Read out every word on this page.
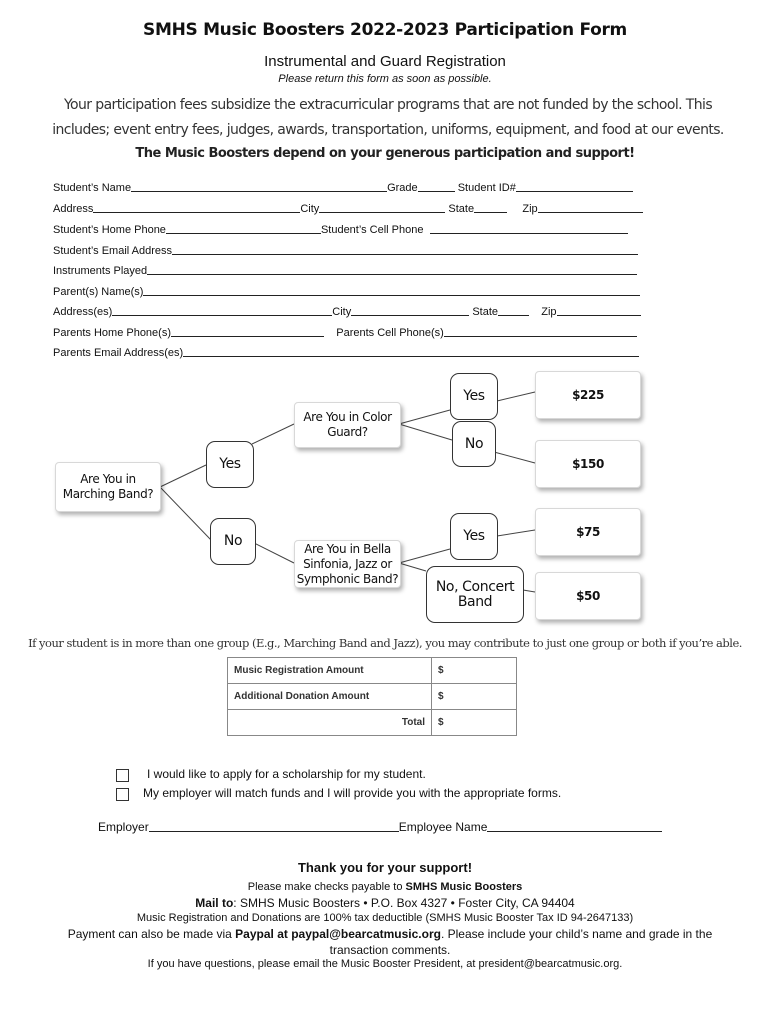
SMHS Music Boosters 2022-2023 Participation Form
Instrumental and Guard Registration
Please return this form as soon as possible.
Your participation fees subsidize the extracurricular programs that are not funded by the school. This includes; event entry fees, judges, awards, transportation, uniforms, equipment, and food at our events.
The Music Boosters depend on your generous participation and support!
Student’s Name	Grade	Student ID#
Address	City	State	Zip
Student’s Home Phone	Student’s Cell Phone
Student’s Email Address
Instruments Played
Parent(s) Name(s)
Address(es)	City	State	Zip
Parents Home Phone(s)	Parents Cell Phone(s)
Parents Email Address(es)
Are You in Marching Band?
Yes
No
Are You in Color Guard?
Yes
No
Are You in Bella Sinfonia, Jazz or Symphonic Band?
Yes
No, Concert Band
$225
$150
$75
$50
If your student is in more than one group (E.g., Marching Band and Jazz), you may contribute to just one group or both if you’re able.
Music Registration Amount	$
Additional Donation Amount	$
Total	$
I would like to apply for a scholarship for my student.
My employer will match funds and I will provide you with the appropriate forms.
Employer	Employee Name
Thank you for your support!
Please make checks payable to SMHS Music Boosters
Mail to: SMHS Music Boosters • P.O. Box 4327 • Foster City, CA 94404
Music Registration and Donations are 100% tax deductible (SMHS Music Booster Tax ID 94-2647133)
Payment can also be made via Paypal at paypal@bearcatmusic.org. Please include your child’s name and grade in the transaction comments.
If you have questions, please email the Music Booster President, at president@bearcatmusic.org.
